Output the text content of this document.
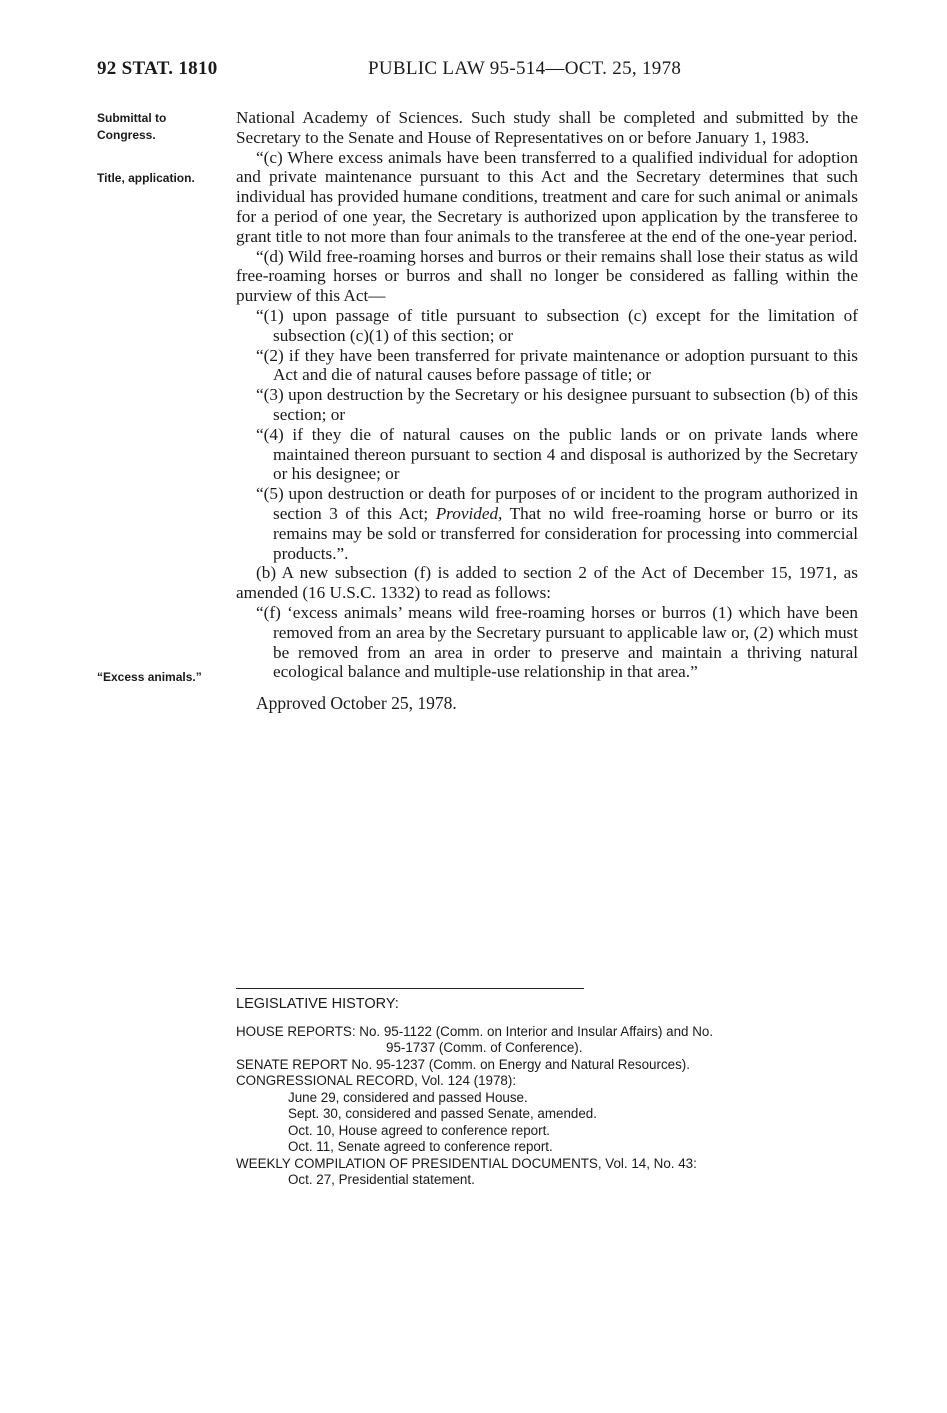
92 STAT. 1810	PUBLIC LAW 95-514—OCT. 25, 1978
Submittal to Congress.
Title, application.
“Excess animals.”

National Academy of Sciences. Such study shall be completed and submitted by the Secretary to the Senate and House of Representatives on or before January 1, 1983.

“(c) Where excess animals have been transferred to a qualified individual for adoption and private maintenance pursuant to this Act and the Secretary determines that such individual has provided humane conditions, treatment and care for such animal or animals for a period of one year, the Secretary is authorized upon application by the transferee to grant title to not more than four animals to the transferee at the end of the one-year period.

“(d) Wild free-roaming horses and burros or their remains shall lose their status as wild free-roaming horses or burros and shall no longer be considered as falling within the purview of this Act—

“(1) upon passage of title pursuant to subsection (c) except for the limitation of subsection (c)(1) of this section; or

“(2) if they have been transferred for private maintenance or adoption pursuant to this Act and die of natural causes before passage of title; or

“(3) upon destruction by the Secretary or his designee pursuant to subsection (b) of this section; or

“(4) if they die of natural causes on the public lands or on private lands where maintained thereon pursuant to section 4 and disposal is authorized by the Secretary or his designee; or

“(5) upon destruction or death for purposes of or incident to the program authorized in section 3 of this Act; Provided, That no wild free-roaming horse or burro or its remains may be sold or transferred for consideration for processing into commercial products.”.

(b) A new subsection (f) is added to section 2 of the Act of December 15, 1971, as amended (16 U.S.C. 1332) to read as follows:

“(f) ‘excess animals’ means wild free-roaming horses or burros (1) which have been removed from an area by the Secretary pursuant to applicable law or, (2) which must be removed from an area in order to preserve and maintain a thriving natural ecological balance and multiple-use relationship in that area.”

Approved October 25, 1978.

LEGISLATIVE HISTORY:

HOUSE REPORTS: No. 95-1122 (Comm. on Interior and Insular Affairs) and No.

95-1737 (Comm. of Conference).

SENATE REPORT No. 95-1237 (Comm. on Energy and Natural Resources).

CONGRESSIONAL RECORD, Vol. 124 (1978):

June 29, considered and passed House.

Sept. 30, considered and passed Senate, amended.

Oct. 10, House agreed to conference report.

Oct. 11, Senate agreed to conference report.

WEEKLY COMPILATION OF PRESIDENTIAL DOCUMENTS, Vol. 14, No. 43:

Oct. 27, Presidential statement.
